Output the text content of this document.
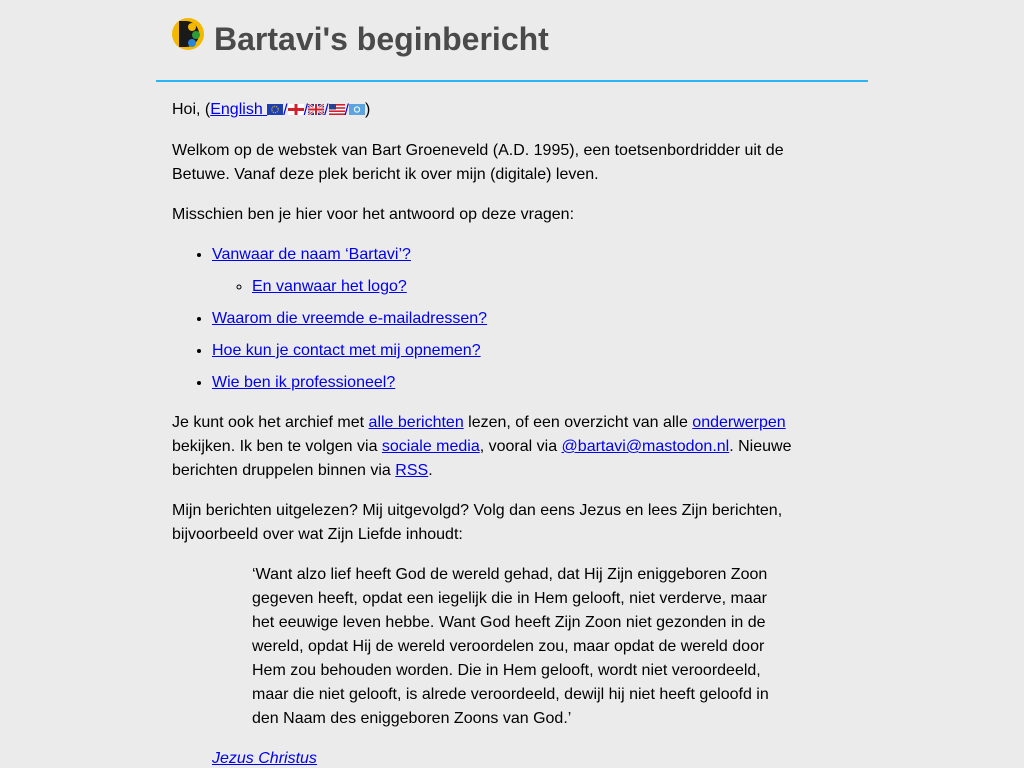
Bartavi's beginbericht

Hoi, (English / / / / )

Welkom op de webstek van Bart Groeneveld (A.D. 1995), een toetsenbordridder uit de Betuwe. Vanaf deze plek bericht ik over mijn (digitale) leven.

Misschien ben je hier voor het antwoord op deze vragen:

• Vanwaar de naam ‘Bartavi’?
◦ En vanwaar het logo?
• Waarom die vreemde e-mailadressen?
• Hoe kun je contact met mij opnemen?
• Wie ben ik professioneel?

Je kunt ook het archief met alle berichten lezen, of een overzicht van alle onderwerpen bekijken. Ik ben te volgen via sociale media, vooral via @bartavi@mastodon.nl. Nieuwe berichten druppelen binnen via RSS.

Mijn berichten uitgelezen? Mij uitgevolgd? Volg dan eens Jezus en lees Zijn berichten, bijvoorbeeld over wat Zijn Liefde inhoudt:

‘Want alzo lief heeft God de wereld gehad, dat Hij Zijn eniggeboren Zoon gegeven heeft, opdat een iegelijk die in Hem gelooft, niet verderve, maar het eeuwige leven hebbe. Want God heeft Zijn Zoon niet gezonden in de wereld, opdat Hij de wereld veroordelen zou, maar opdat de wereld door Hem zou behouden worden. Die in Hem gelooft, wordt niet veroordeeld, maar die niet gelooft, is alrede veroordeeld, dewijl hij niet heeft geloofd in den Naam des eniggeboren Zoons van God.’

Jezus Christus
